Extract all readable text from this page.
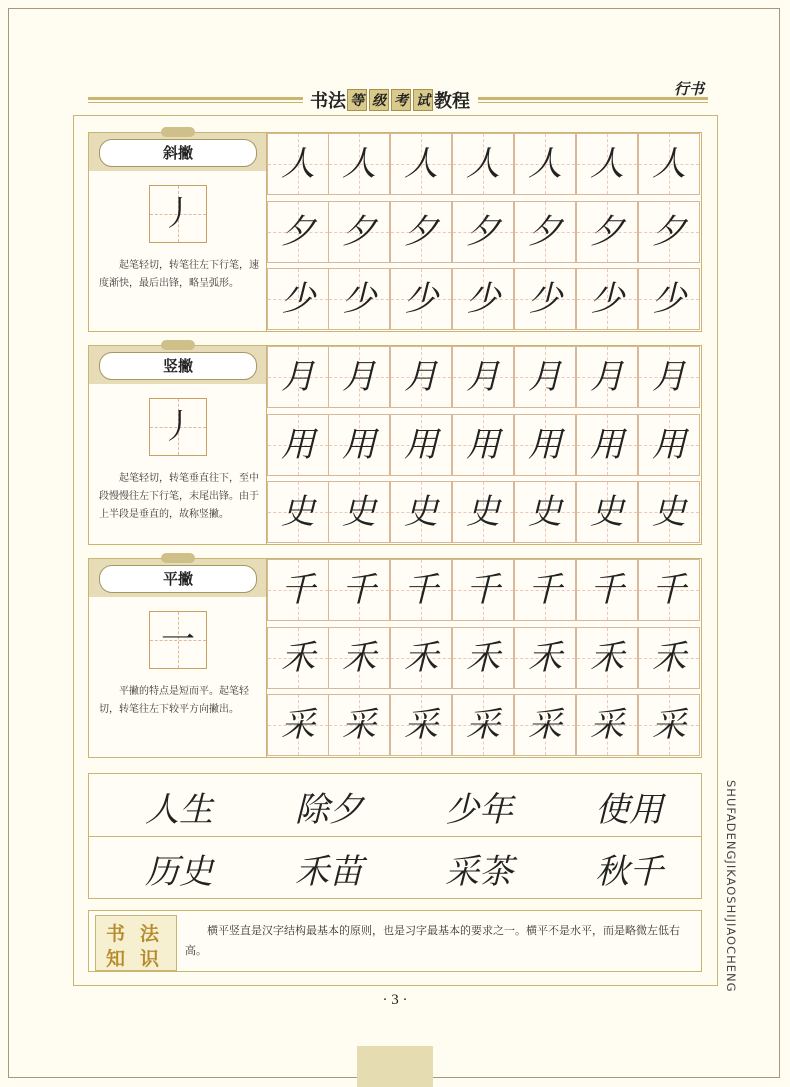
书法 等 级 考 试 教程
行书
SHUFADENGJIKAOSHIJIAOCHENG
斜撇
丿
起笔轻切，转笔往左下行笔，速度渐快，最后出锋，略呈弧形。
人 人 人 人 人 人 人
夕 夕 夕 夕 夕 夕 夕
少 少 少 少 少 少 少
竖撇
丿
起笔轻切，转笔垂直往下，至中段慢慢往左下行笔，末尾出锋。由于上半段是垂直的，故称竖撇。
月 月 月 月 月 月 月
用 用 用 用 用 用 用
史 史 史 史 史 史 史
平撇
一
平撇的特点是短而平。起笔轻切，转笔往左下较平方向撇出。
千 千 千 千 千 千 千
禾 禾 禾 禾 禾 禾 禾
采 采 采 采 采 采 采
人生	除夕	少年	使用
历史	禾苗	采茶	秋千
书 法
知 识
横平竖直是汉字结构最基本的原则，也是习字最基本的要求之一。横平不是水平，而是略微左低右高。
· 3 ·
